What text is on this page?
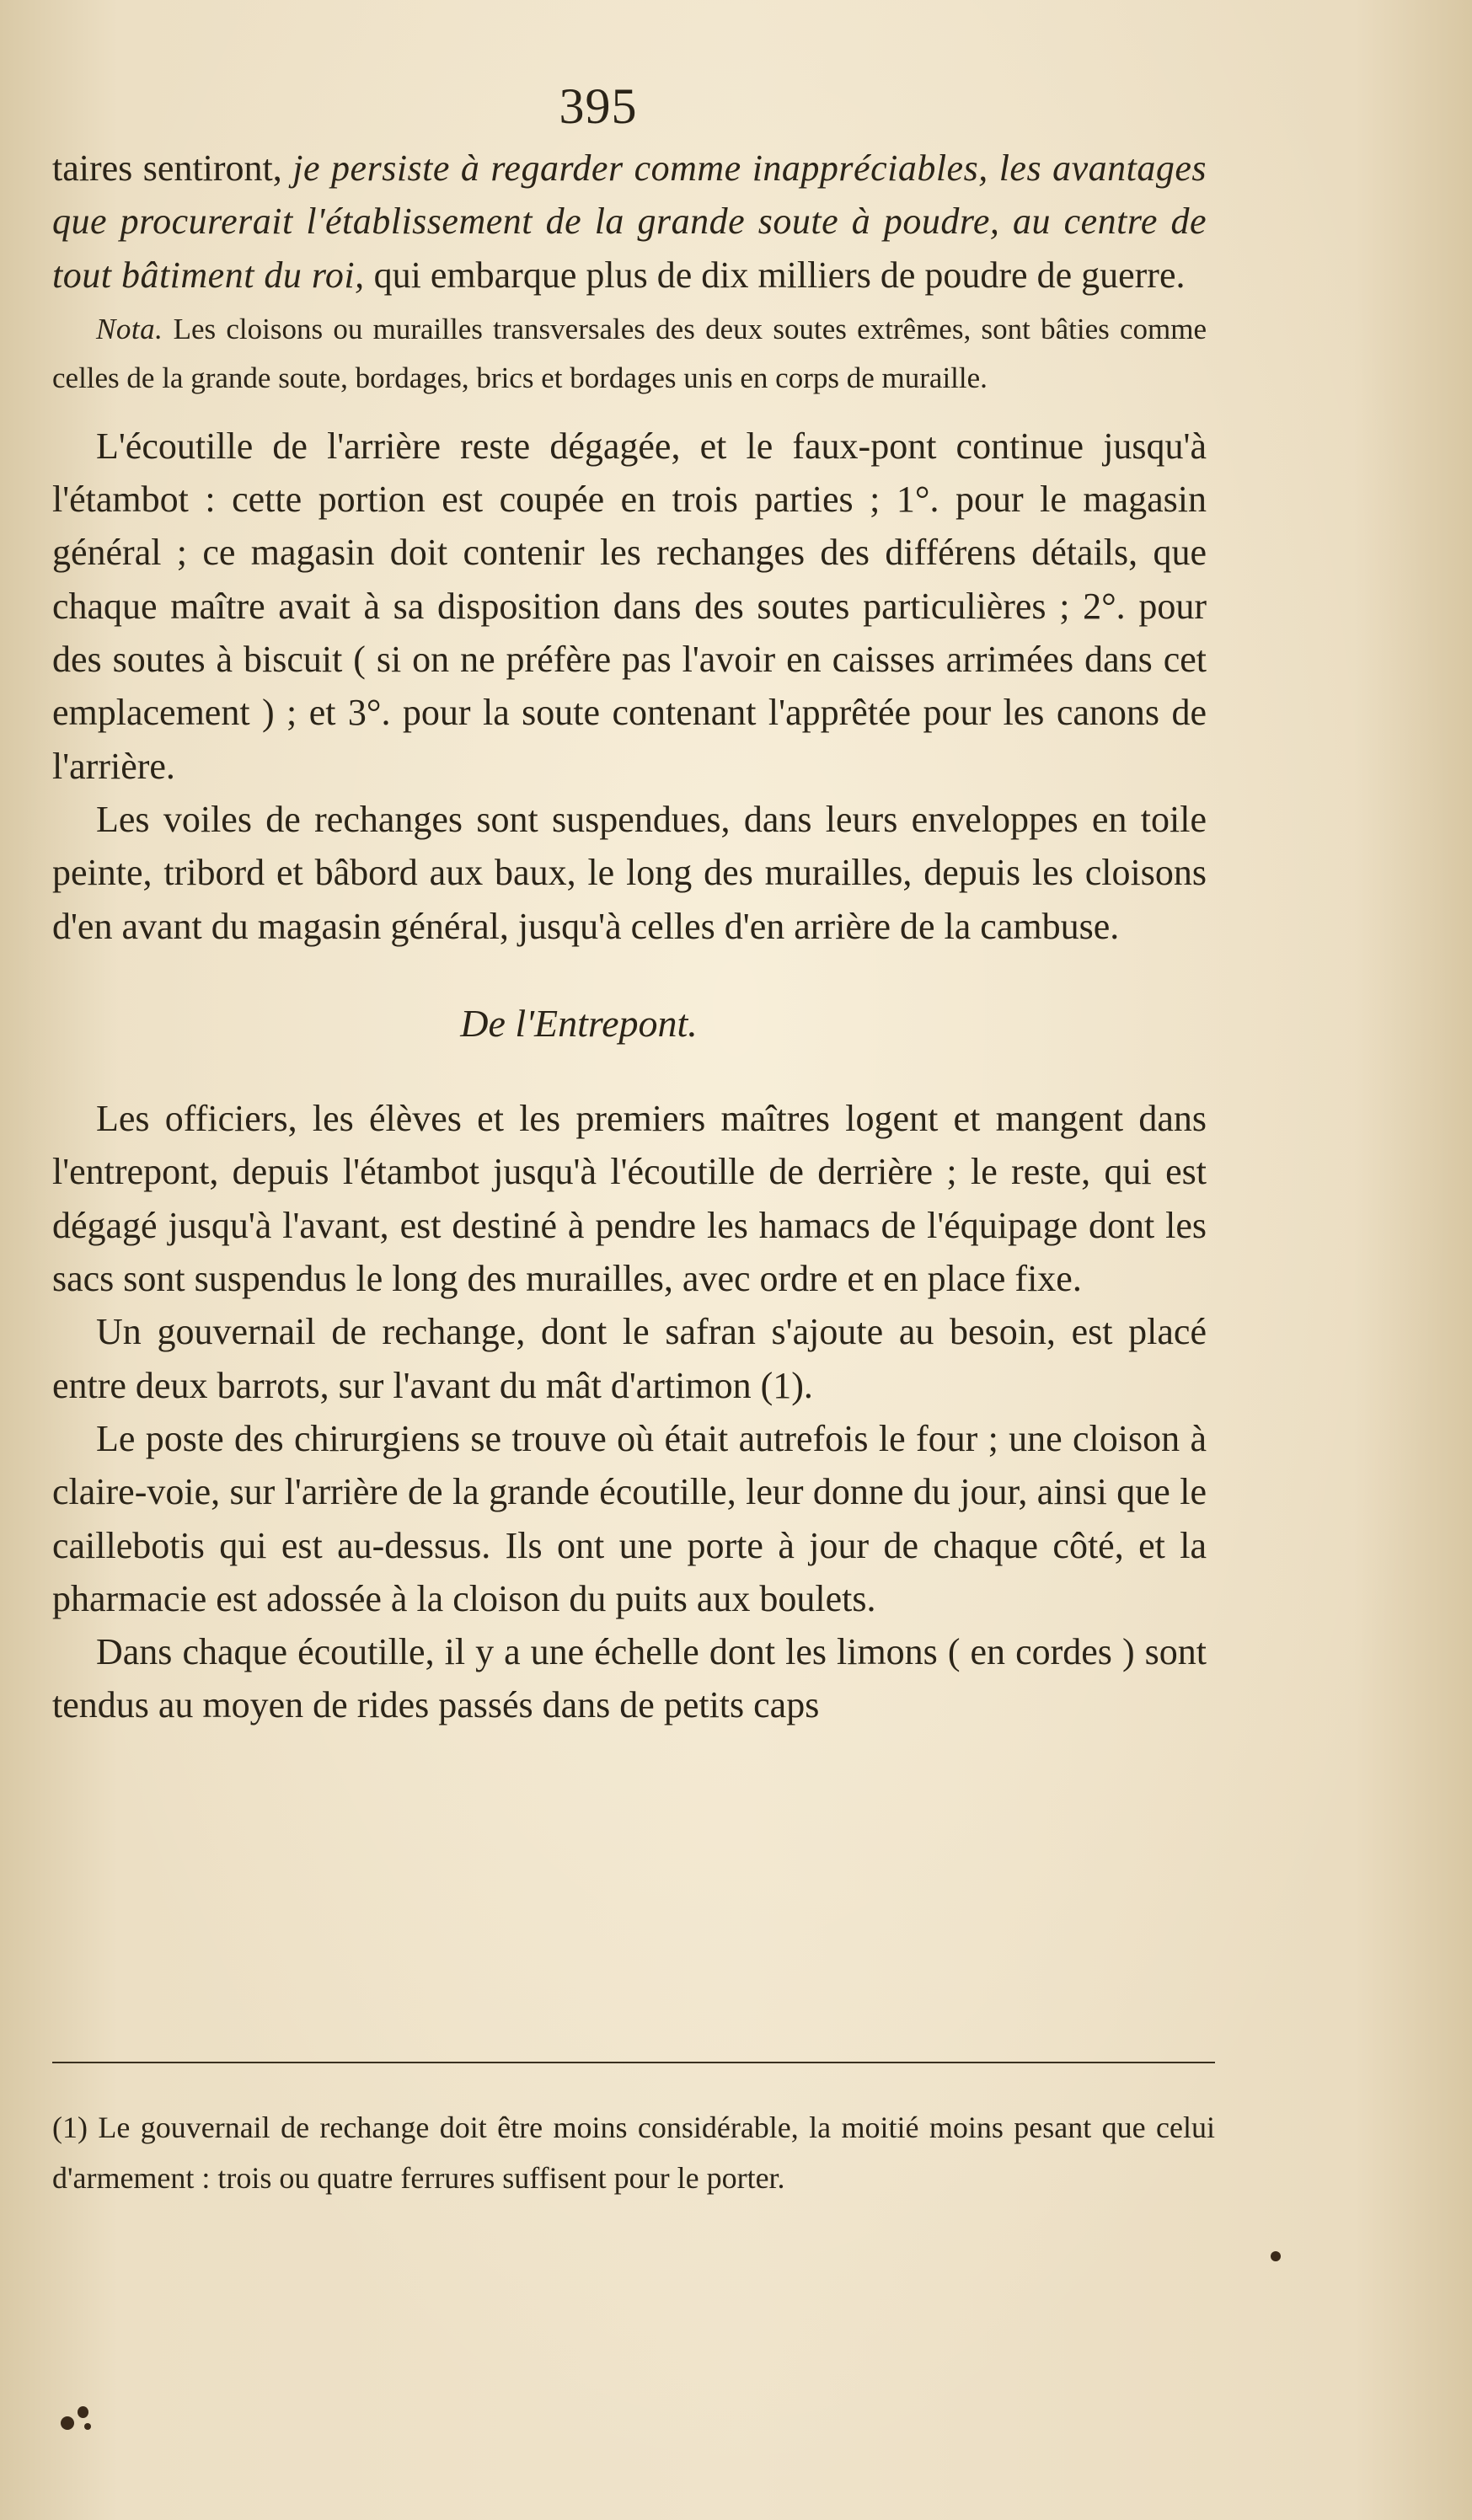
395

taires sentiront, je persiste à regarder comme inappréciables, les avantages que procurerait l'établissement de la grande soute à poudre, au centre de tout bâtiment du roi, qui embarque plus de dix milliers de poudre de guerre.

Nota. Les cloisons ou murailles transversales des deux soutes extrêmes, sont bâties comme celles de la grande soute, bordages, brics et bordages unis en corps de muraille.

L'écoutille de l'arrière reste dégagée, et le faux-pont continue jusqu'à l'étambot : cette portion est coupée en trois parties ; 1°. pour le magasin général ; ce magasin doit contenir les rechanges des différens détails, que chaque maître avait à sa disposition dans des soutes particulières ; 2°. pour des soutes à biscuit ( si on ne préfère pas l'avoir en caisses arrimées dans cet emplacement ) ; et 3°. pour la soute contenant l'apprêtée pour les canons de l'arrière.

Les voiles de rechanges sont suspendues, dans leurs enveloppes en toile peinte, tribord et bâbord aux baux, le long des murailles, depuis les cloisons d'en avant du magasin général, jusqu'à celles d'en arrière de la cambuse.

De l'Entrepont.

Les officiers, les élèves et les premiers maîtres logent et mangent dans l'entrepont, depuis l'étambot jusqu'à l'écoutille de derrière ; le reste, qui est dégagé jusqu'à l'avant, est destiné à pendre les hamacs de l'équipage dont les sacs sont suspendus le long des murailles, avec ordre et en place fixe.

Un gouvernail de rechange, dont le safran s'ajoute au besoin, est placé entre deux barrots, sur l'avant du mât d'artimon (1).

Le poste des chirurgiens se trouve où était autrefois le four ; une cloison à claire-voie, sur l'arrière de la grande écoutille, leur donne du jour, ainsi que le caillebotis qui est au-dessus. Ils ont une porte à jour de chaque côté, et la pharmacie est adossée à la cloison du puits aux boulets.

Dans chaque écoutille, il y a une échelle dont les limons ( en cordes ) sont tendus au moyen de rides passés dans de petits caps

(1) Le gouvernail de rechange doit être moins considérable, la moitié moins pesant que celui d'armement : trois ou quatre ferrures suffisent pour le porter.
